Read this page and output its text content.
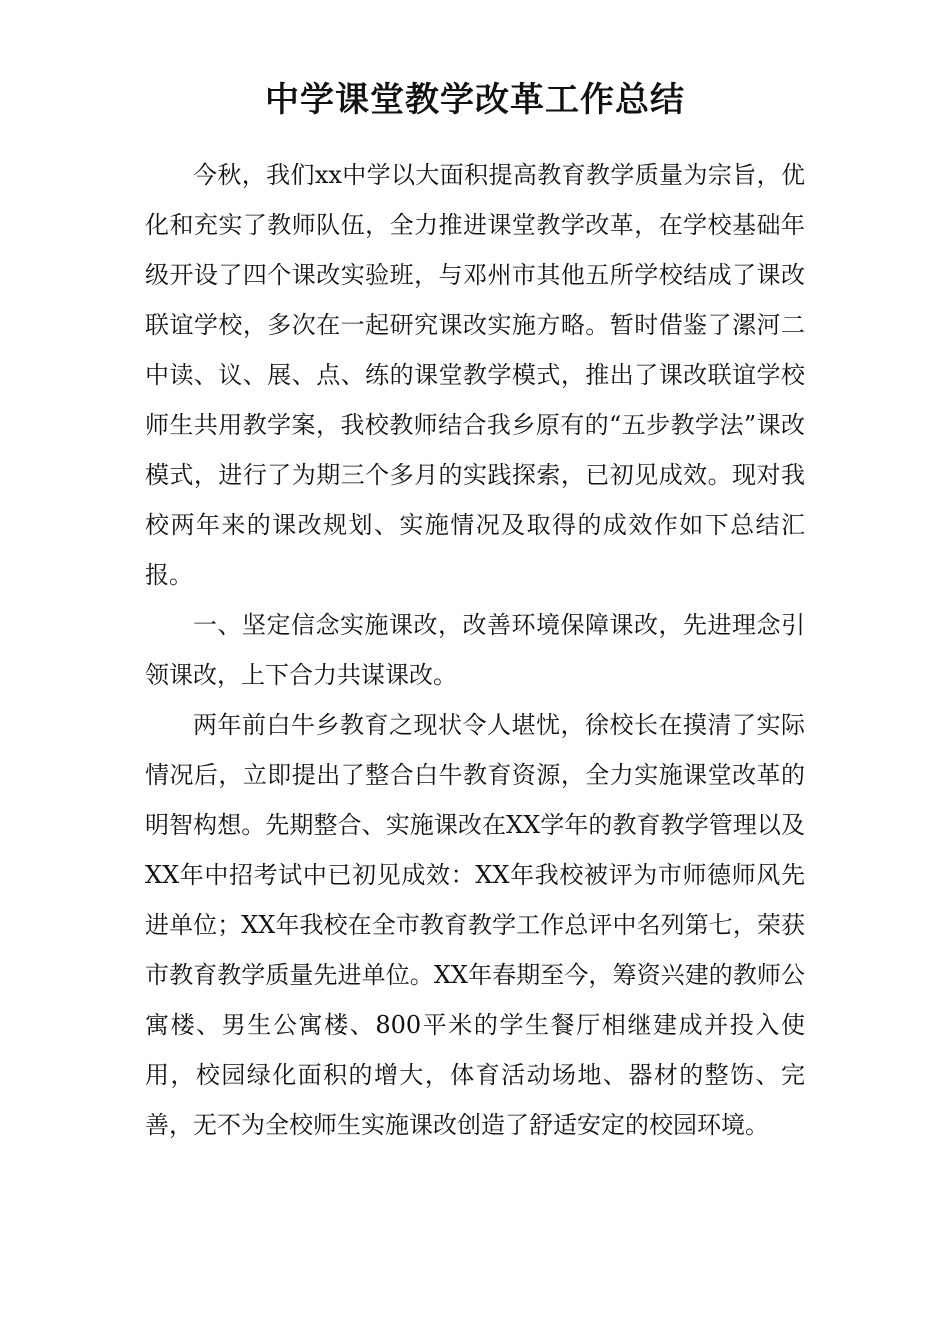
中学课堂教学改革工作总结

今秋，我们xx中学以大面积提高教育教学质量为宗旨，优化和充实了教师队伍，全力推进课堂教学改革，在学校基础年级开设了四个课改实验班，与邓州市其他五所学校结成了课改联谊学校，多次在一起研究课改实施方略。暂时借鉴了漯河二中读、议、展、点、练的课堂教学模式，推出了课改联谊学校师生共用教学案，我校教师结合我乡原有的“五步教学法”课改模式，进行了为期三个多月的实践探索，已初见成效。现对我校两年来的课改规划、实施情况及取得的成效作如下总结汇报。

一、坚定信念实施课改，改善环境保障课改，先进理念引领课改，上下合力共谋课改。

两年前白牛乡教育之现状令人堪忧，徐校长在摸清了实际情况后，立即提出了整合白牛教育资源，全力实施课堂改革的明智构想。先期整合、实施课改在XX学年的教育教学管理以及XX年中招考试中已初见成效：XX年我校被评为市师德师风先进单位；XX年我校在全市教育教学工作总评中名列第七，荣获市教育教学质量先进单位。XX年春期至今，筹资兴建的教师公寓楼、男生公寓楼、800平米的学生餐厅相继建成并投入使用，校园绿化面积的增大，体育活动场地、器材的整饬、完善，无不为全校师生实施课改创造了舒适安定的校园环境。
